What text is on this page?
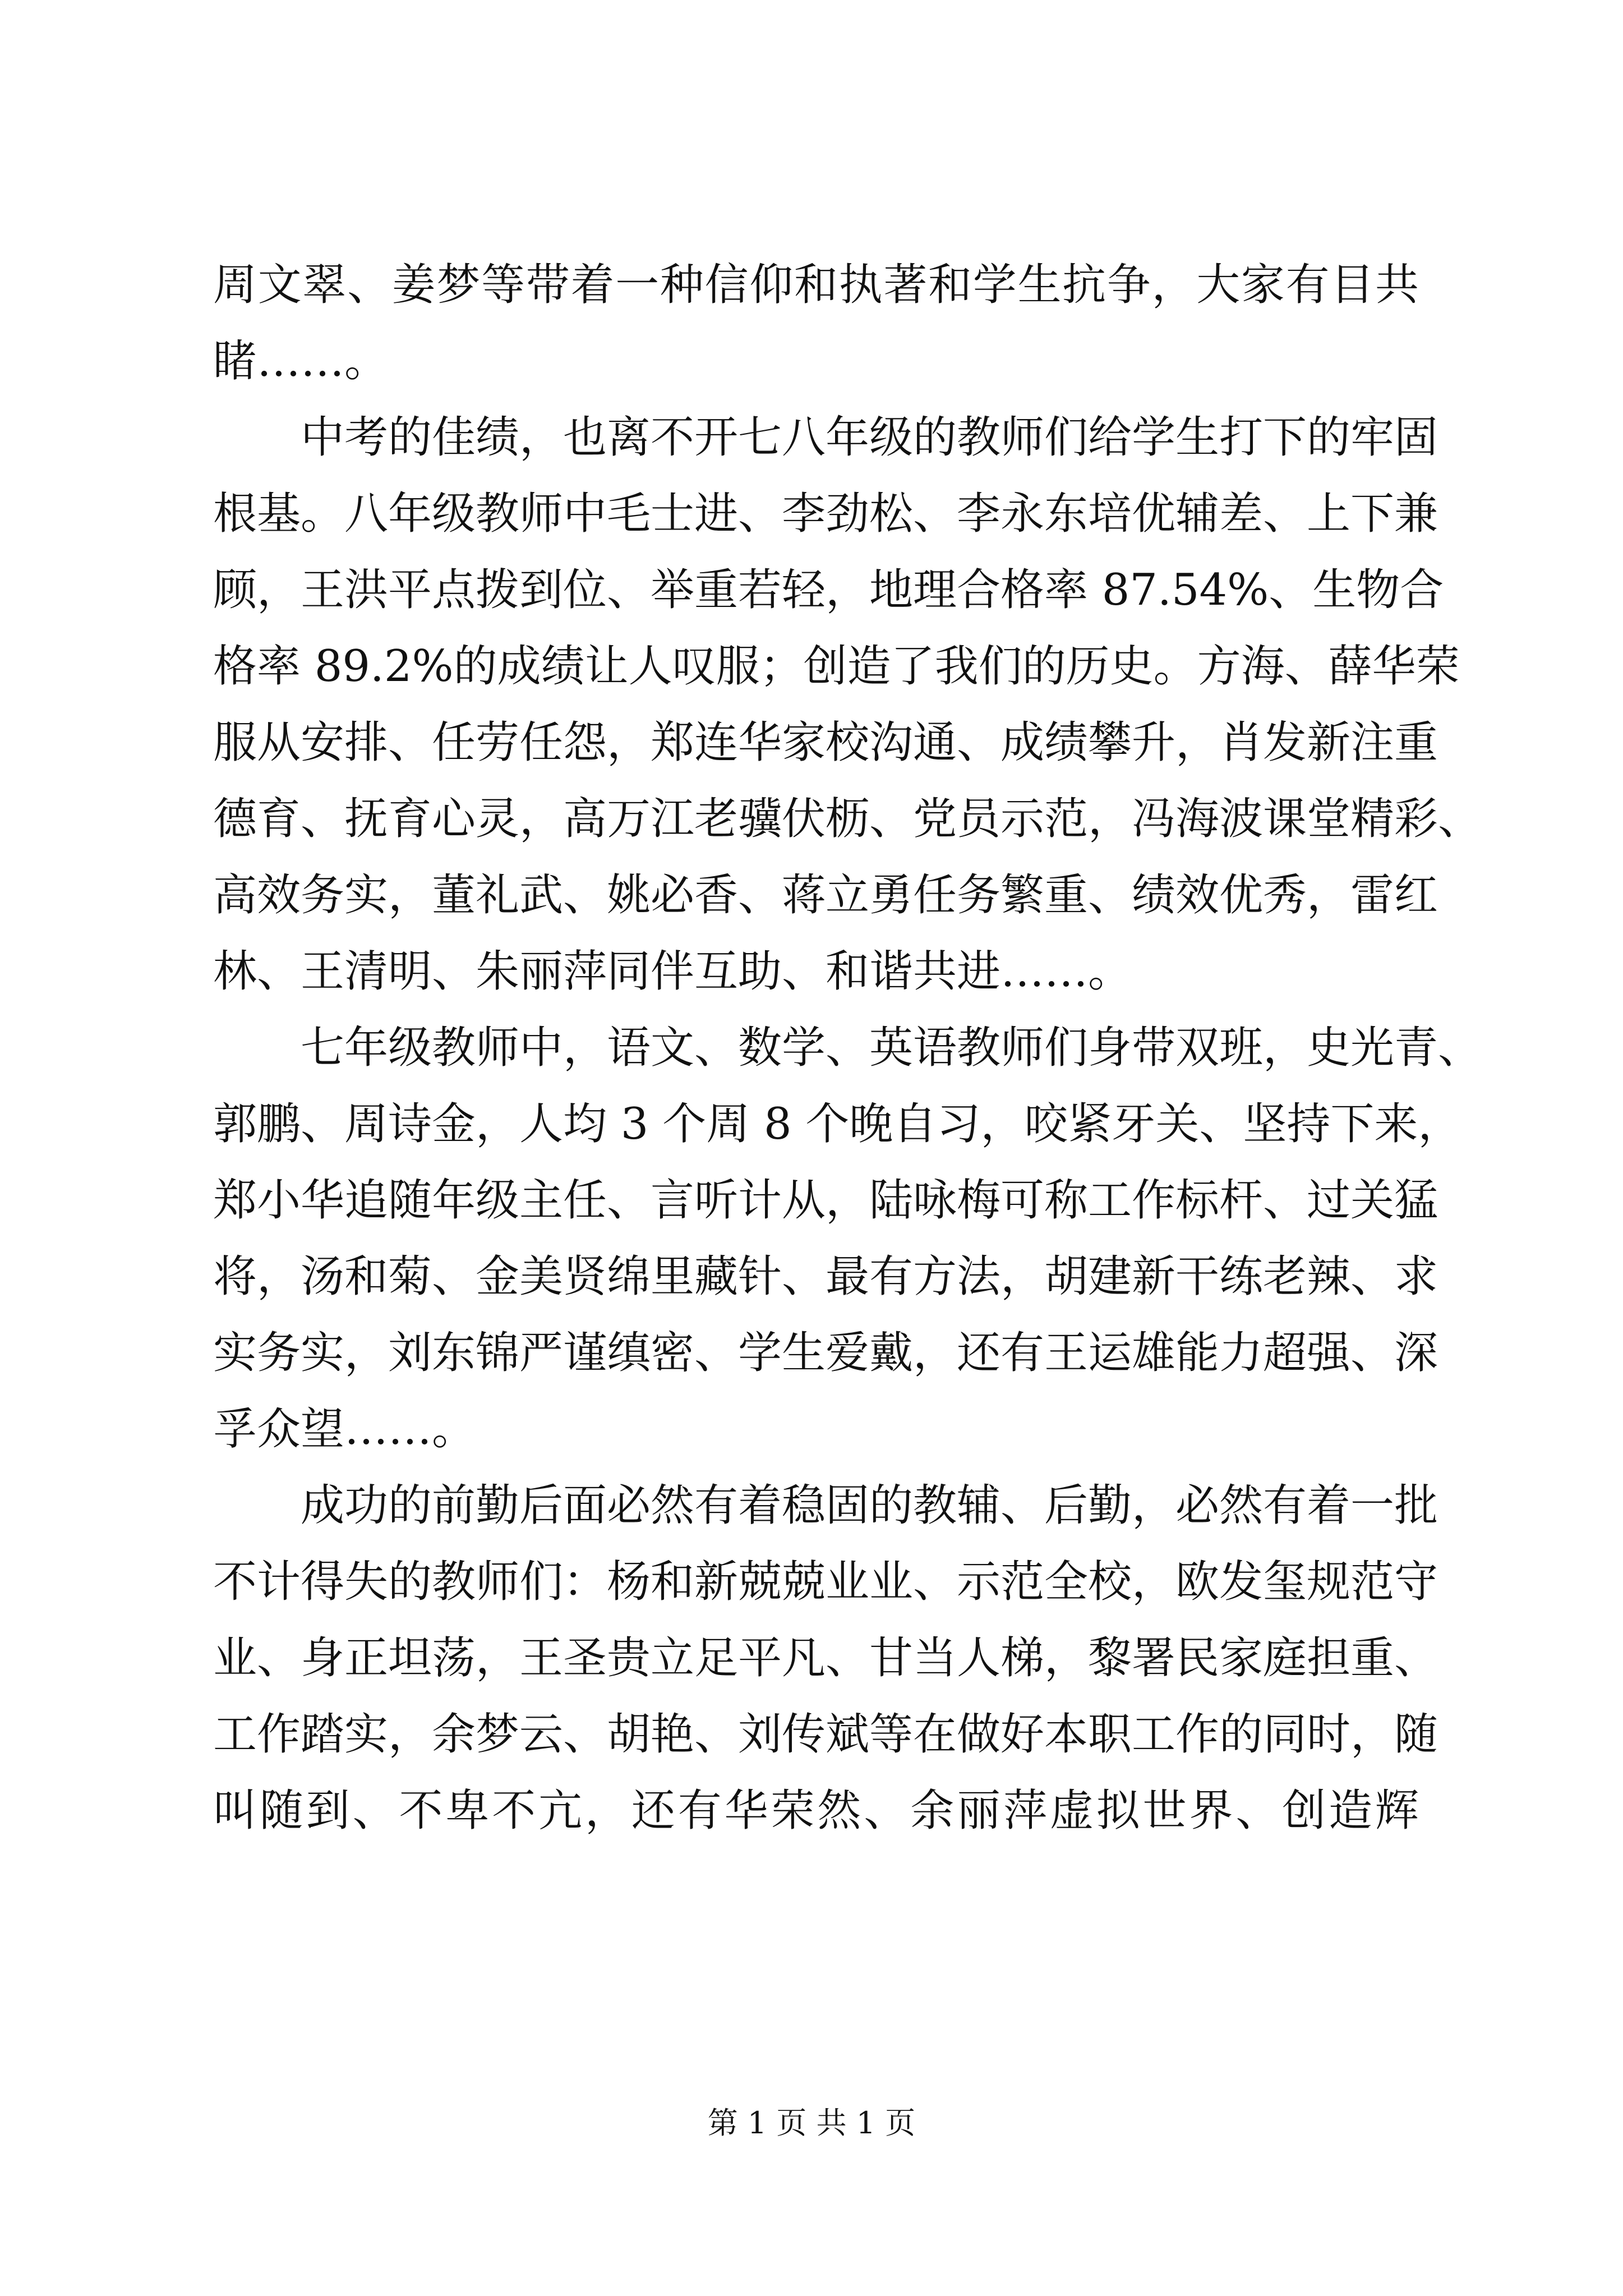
周文翠、姜梦等带着一种信仰和执著和学生抗争，大家有目共
睹……。
中考的佳绩，也离不开七八年级的教师们给学生打下的牢固
根基。八年级教师中毛士进、李劲松、李永东培优辅差、上下兼
顾，王洪平点拨到位、举重若轻，地理合格率 87.54%、生物合
格率 89.2%的成绩让人叹服；创造了我们的历史。方海、薛华荣
服从安排、任劳任怨，郑连华家校沟通、成绩攀升，肖发新注重
德育、抚育心灵，高万江老骥伏枥、党员示范，冯海波课堂精彩、
高效务实，董礼武、姚必香、蒋立勇任务繁重、绩效优秀，雷红
林、王清明、朱丽萍同伴互助、和谐共进……。
七年级教师中，语文、数学、英语教师们身带双班，史光青、
郭鹏、周诗金，人均 3 个周 8 个晚自习，咬紧牙关、坚持下来，
郑小华追随年级主任、言听计从，陆咏梅可称工作标杆、过关猛
将，汤和菊、金美贤绵里藏针、最有方法，胡建新干练老辣、求
实务实，刘东锦严谨缜密、学生爱戴，还有王运雄能力超强、深
孚众望……。
成功的前勤后面必然有着稳固的教辅、后勤，必然有着一批
不计得失的教师们：杨和新兢兢业业、示范全校，欧发玺规范守
业、身正坦荡，王圣贵立足平凡、甘当人梯，黎署民家庭担重、
工作踏实，余梦云、胡艳、刘传斌等在做好本职工作的同时，随
叫随到、不卑不亢，还有华荣然、余丽萍虚拟世界、创造辉
第 1 页 共 1 页
